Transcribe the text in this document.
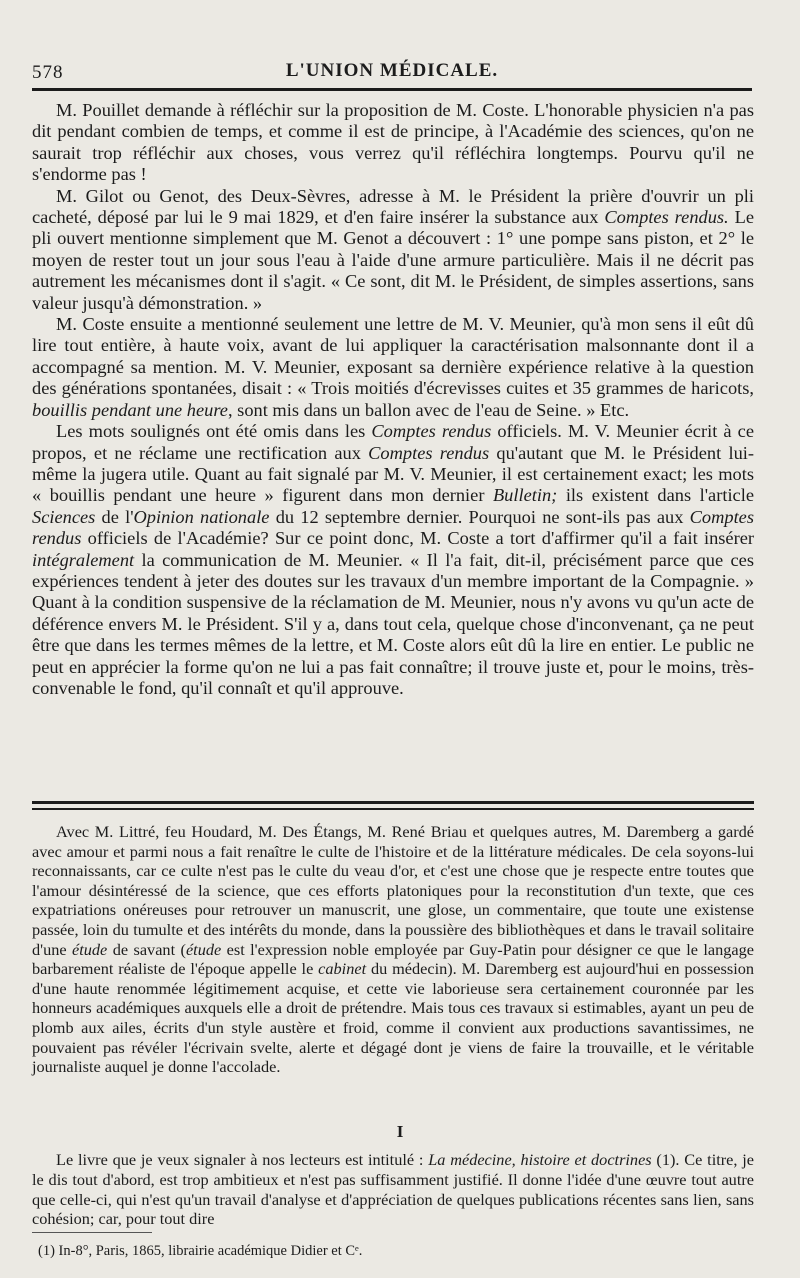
578	L'UNION MÉDICALE.

M. Pouillet demande à réfléchir sur la proposition de M. Coste. L'honorable physicien n'a pas dit pendant combien de temps, et comme il est de principe, à l'Académie des sciences, qu'on ne saurait trop réfléchir aux choses, vous verrez qu'il réfléchira longtemps. Pourvu qu'il ne s'endorme pas !

M. Gilot ou Genot, des Deux-Sèvres, adresse à M. le Président la prière d'ouvrir un pli cacheté, déposé par lui le 9 mai 1829, et d'en faire insérer la substance aux Comptes rendus. Le pli ouvert mentionne simplement que M. Genot a découvert : 1° une pompe sans piston, et 2° le moyen de rester tout un jour sous l'eau à l'aide d'une armure particulière. Mais il ne décrit pas autrement les mécanismes dont il s'agit. « Ce sont, dit M. le Président, de simples assertions, sans valeur jusqu'à démonstration. »

M. Coste ensuite a mentionné seulement une lettre de M. V. Meunier, qu'à mon sens il eût dû lire tout entière, à haute voix, avant de lui appliquer la caractérisation malsonnante dont il a accompagné sa mention. M. V. Meunier, exposant sa dernière expérience relative à la question des générations spontanées, disait : « Trois moitiés d'écrevisses cuites et 35 grammes de haricots, bouillis pendant une heure, sont mis dans un ballon avec de l'eau de Seine. » Etc.

Les mots soulignés ont été omis dans les Comptes rendus officiels. M. V. Meunier écrit à ce propos, et ne réclame une rectification aux Comptes rendus qu'autant que M. le Président lui-même la jugera utile. Quant au fait signalé par M. V. Meunier, il est certainement exact; les mots « bouillis pendant une heure » figurent dans mon dernier Bulletin; ils existent dans l'article Sciences de l'Opinion nationale du 12 septembre dernier. Pourquoi ne sont-ils pas aux Comptes rendus officiels de l'Académie? Sur ce point donc, M. Coste a tort d'affirmer qu'il a fait insérer intégralement la communication de M. Meunier. « Il l'a fait, dit-il, précisément parce que ces expériences tendent à jeter des doutes sur les travaux d'un membre important de la Compagnie. » Quant à la condition suspensive de la réclamation de M. Meunier, nous n'y avons vu qu'un acte de déférence envers M. le Président. S'il y a, dans tout cela, quelque chose d'inconvenant, ça ne peut être que dans les termes mêmes de la lettre, et M. Coste alors eût dû la lire en entier. Le public ne peut en apprécier la forme qu'on ne lui a pas fait connaître; il trouve juste et, pour le moins, très-convenable le fond, qu'il connaît et qu'il approuve.

Avec M. Littré, feu Houdard, M. Des Étangs, M. René Briau et quelques autres, M. Daremberg a gardé avec amour et parmi nous a fait renaître le culte de l'histoire et de la littérature médicales. De cela soyons-lui reconnaissants, car ce culte n'est pas le culte du veau d'or, et c'est une chose que je respecte entre toutes que l'amour désintéressé de la science, que ces efforts platoniques pour la reconstitution d'un texte, que ces expatriations onéreuses pour retrouver un manuscrit, une glose, un commentaire, que toute une existense passée, loin du tumulte et des intérêts du monde, dans la poussière des bibliothèques et dans le travail solitaire d'une étude de savant (étude est l'expression noble employée par Guy-Patin pour désigner ce que le langage barbarement réaliste de l'époque appelle le cabinet du médecin). M. Daremberg est aujourd'hui en possession d'une haute renommée légitimement acquise, et cette vie laborieuse sera certainement couronnée par les honneurs académiques auxquels elle a droit de prétendre. Mais tous ces travaux si estimables, ayant un peu de plomb aux ailes, écrits d'un style austère et froid, comme il convient aux productions savantissimes, ne pouvaient pas révéler l'écrivain svelte, alerte et dégagé dont je viens de faire la trouvaille, et le véritable journaliste auquel je donne l'accolade.

I

Le livre que je veux signaler à nos lecteurs est intitulé : La médecine, histoire et doctrines (1). Ce titre, je le dis tout d'abord, est trop ambitieux et n'est pas suffisamment justifié. Il donne l'idée d'une œuvre tout autre que celle-ci, qui n'est qu'un travail d'analyse et d'appréciation de quelques publications récentes sans lien, sans cohésion; car, pour tout dire

(1) In-8°, Paris, 1865, librairie académique Didier et Cᵉ.
